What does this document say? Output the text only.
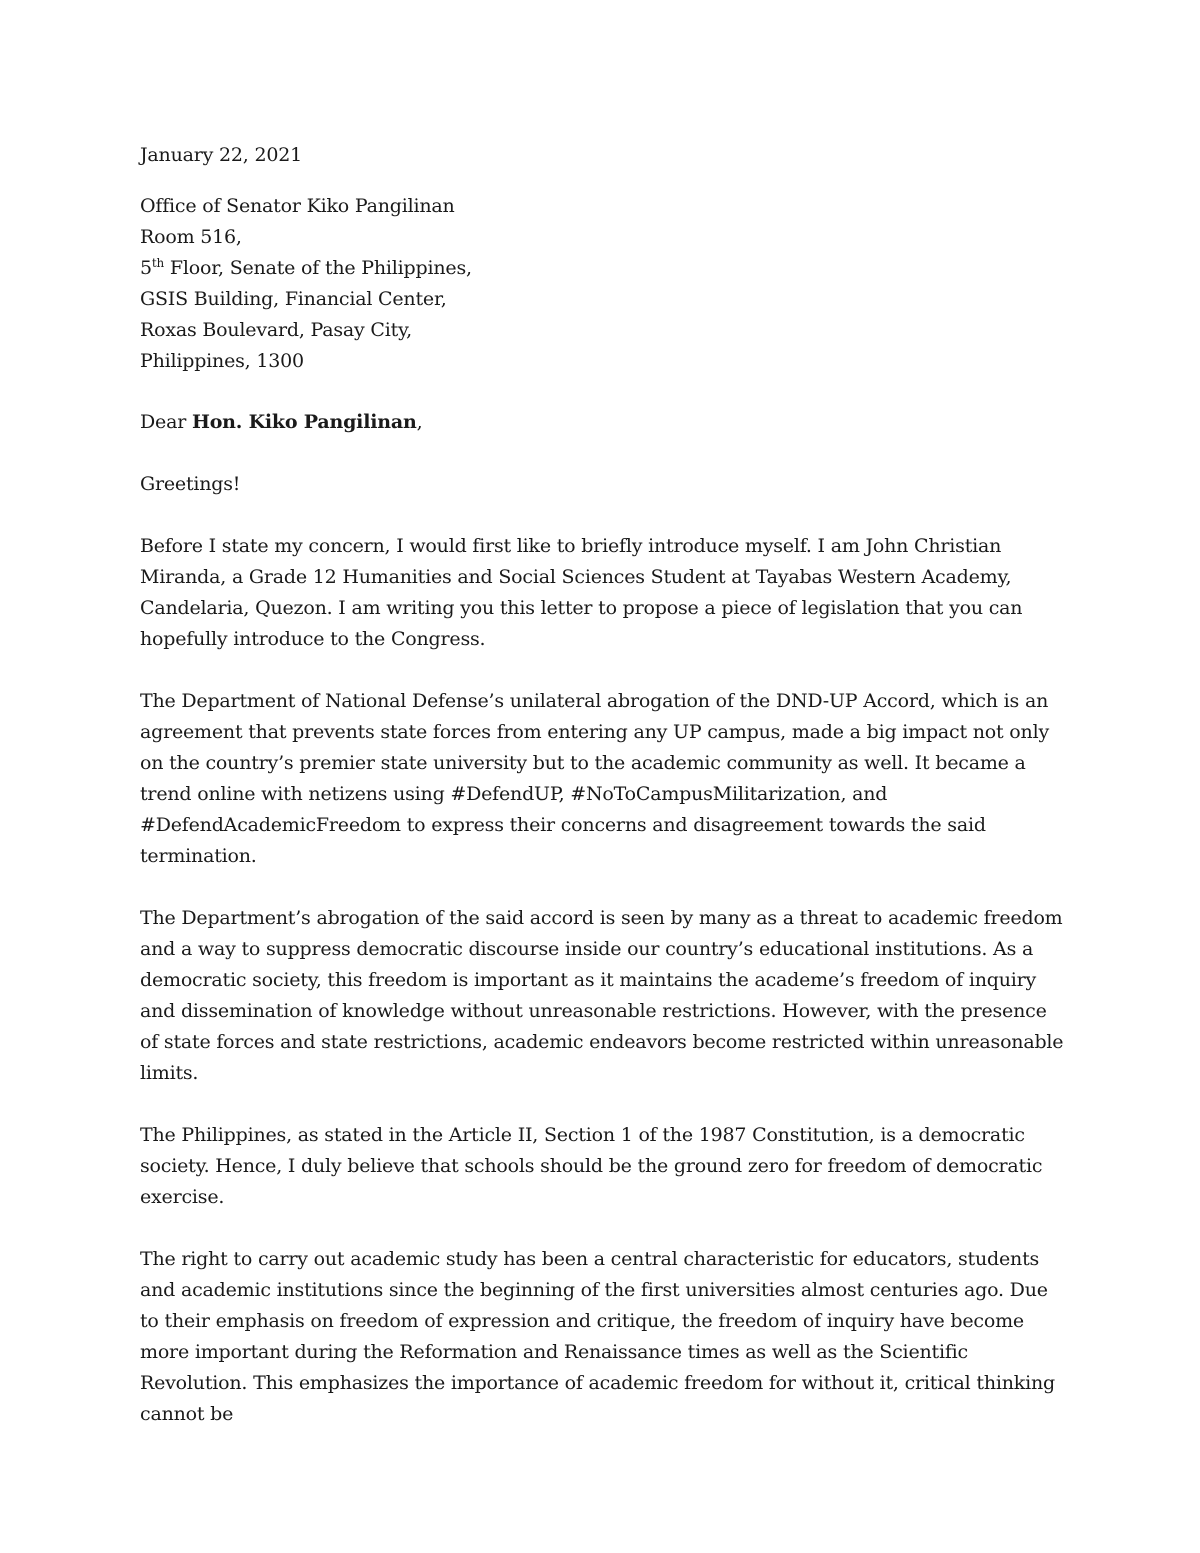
January 22, 2021
Office of Senator Kiko Pangilinan
Room 516,
5th Floor, Senate of the Philippines,
GSIS Building, Financial Center,
Roxas Boulevard, Pasay City,
Philippines, 1300
Dear Hon. Kiko Pangilinan,
Greetings!
Before I state my concern, I would first like to briefly introduce myself. I am John Christian Miranda, a Grade 12 Humanities and Social Sciences Student at Tayabas Western Academy, Candelaria, Quezon. I am writing you this letter to propose a piece of legislation that you can hopefully introduce to the Congress.
The Department of National Defense’s unilateral abrogation of the DND-UP Accord, which is an agreement that prevents state forces from entering any UP campus, made a big impact not only on the country’s premier state university but to the academic community as well. It became a trend online with netizens using #DefendUP, #NoToCampusMilitarization, and #DefendAcademicFreedom to express their concerns and disagreement towards the said termination.
The Department’s abrogation of the said accord is seen by many as a threat to academic freedom and a way to suppress democratic discourse inside our country’s educational institutions. As a democratic society, this freedom is important as it maintains the academe’s freedom of inquiry and dissemination of knowledge without unreasonable restrictions. However, with the presence of state forces and state restrictions, academic endeavors become restricted within unreasonable limits.
The Philippines, as stated in the Article II, Section 1 of the 1987 Constitution, is a democratic society. Hence, I duly believe that schools should be the ground zero for freedom of democratic exercise.
The right to carry out academic study has been a central characteristic for educators, students and academic institutions since the beginning of the first universities almost centuries ago. Due to their emphasis on freedom of expression and critique, the freedom of inquiry have become more important during the Reformation and Renaissance times as well as the Scientific Revolution. This emphasizes the importance of academic freedom for without it, critical thinking cannot be
